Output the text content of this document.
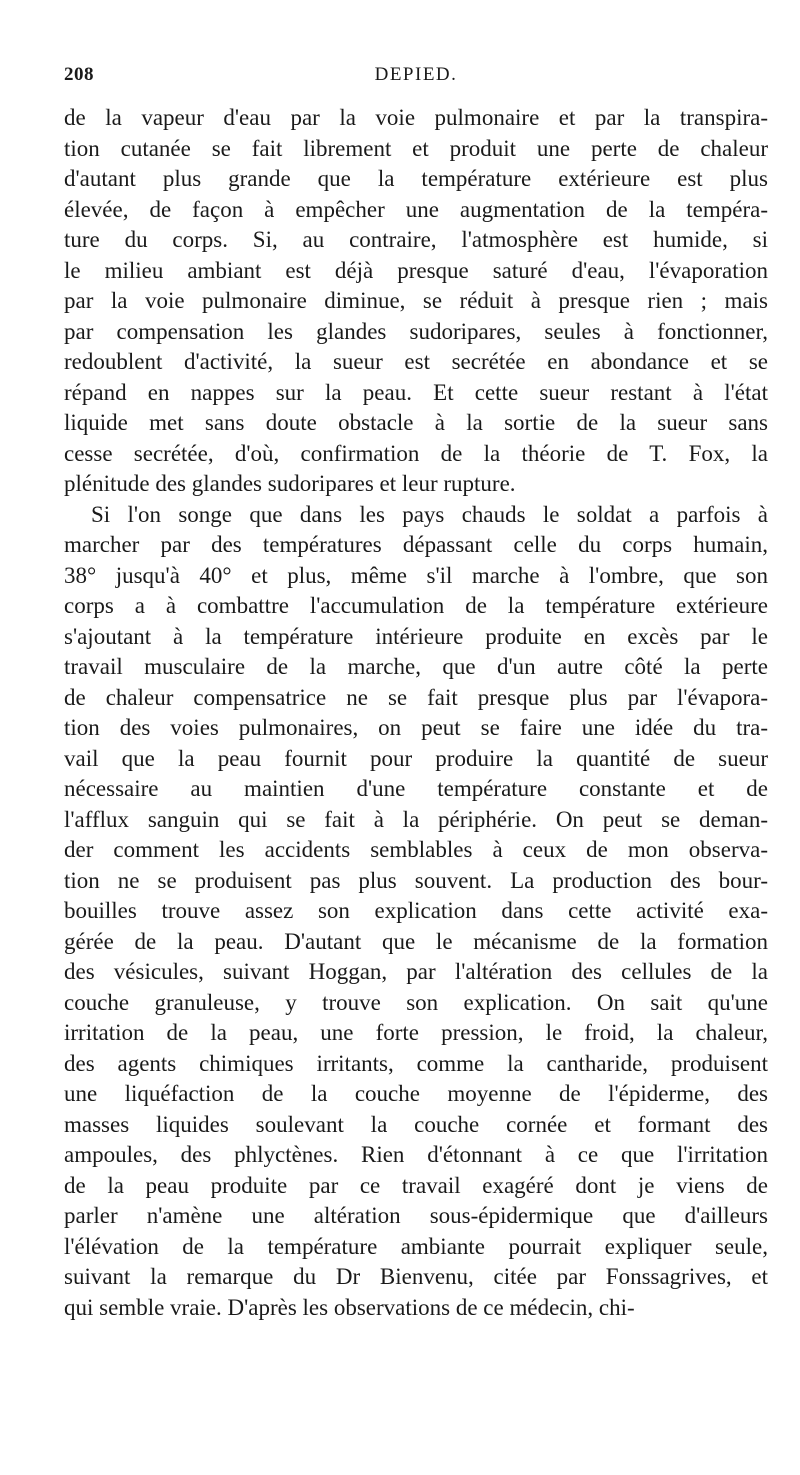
208	DEPIED.
de la vapeur d'eau par la voie pulmonaire et par la transpira-
tion cutanée se fait librement et produit une perte de chaleur
d'autant plus grande que la température extérieure est plus
élevée, de façon à empêcher une augmentation de la tempéra-
ture du corps. Si, au contraire, l'atmosphère est humide, si
le milieu ambiant est déjà presque saturé d'eau, l'évaporation
par la voie pulmonaire diminue, se réduit à presque rien ; mais
par compensation les glandes sudoripares, seules à fonctionner,
redoublent d'activité, la sueur est secrétée en abondance et se
répand en nappes sur la peau. Et cette sueur restant à l'état
liquide met sans doute obstacle à la sortie de la sueur sans
cesse secrétée, d'où, confirmation de la théorie de T. Fox, la
plénitude des glandes sudoripares et leur rupture.
Si l'on songe que dans les pays chauds le soldat a parfois à
marcher par des températures dépassant celle du corps humain,
38° jusqu'à 40° et plus, même s'il marche à l'ombre, que son
corps a à combattre l'accumulation de la température extérieure
s'ajoutant à la température intérieure produite en excès par le
travail musculaire de la marche, que d'un autre côté la perte
de chaleur compensatrice ne se fait presque plus par l'évapora-
tion des voies pulmonaires, on peut se faire une idée du tra-
vail que la peau fournit pour produire la quantité de sueur
nécessaire au maintien d'une température constante et de
l'afflux sanguin qui se fait à la périphérie. On peut se deman-
der comment les accidents semblables à ceux de mon observa-
tion ne se produisent pas plus souvent. La production des bour-
bouilles trouve assez son explication dans cette activité exa-
gérée de la peau. D'autant que le mécanisme de la formation
des vésicules, suivant Hoggan, par l'altération des cellules de la
couche granuleuse, y trouve son explication. On sait qu'une
irritation de la peau, une forte pression, le froid, la chaleur,
des agents chimiques irritants, comme la cantharide, produisent
une liquéfaction de la couche moyenne de l'épiderme, des
masses liquides soulevant la couche cornée et formant des
ampoules, des phlyctènes. Rien d'étonnant à ce que l'irritation
de la peau produite par ce travail exagéré dont je viens de
parler n'amène une altération sous-épidermique que d'ailleurs
l'élévation de la température ambiante pourrait expliquer seule,
suivant la remarque du Dr Bienvenu, citée par Fonssagrives, et
qui semble vraie. D'après les observations de ce médecin, chi-
